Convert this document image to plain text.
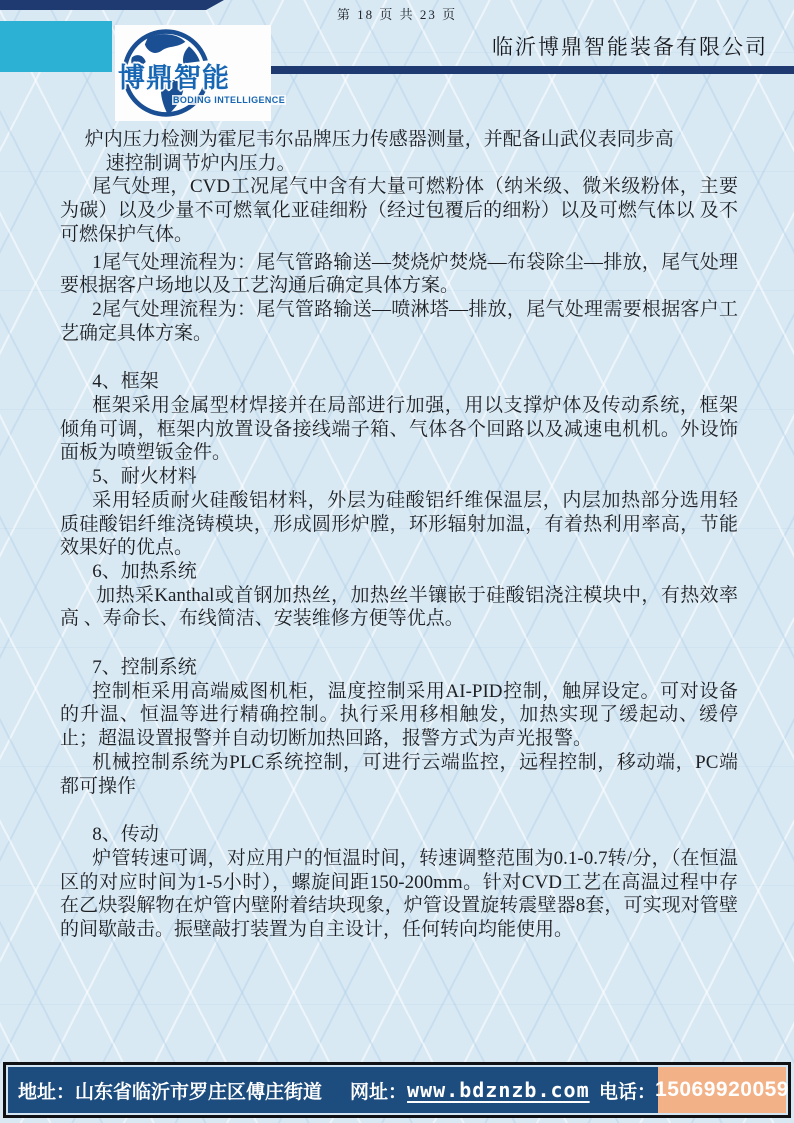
第 18 页 共 23 页
博鼎智能
BODING INTELLIGENCE
临沂博鼎智能装备有限公司
炉内压力检测为霍尼韦尔品牌压力传感器测量，并配备山武仪表同步高
速控制调节炉内压力。
尾气处理，CVD工况尾气中含有大量可燃粉体（纳米级、微米级粉体，主要为碳）以及少量不可燃氧化亚硅细粉（经过包覆后的细粉）以及可燃气体以 及不可燃保护气体。
1尾气处理流程为：尾气管路输送—焚烧炉焚烧—布袋除尘—排放，尾气处理要根据客户场地以及工艺沟通后确定具体方案。
2尾气处理流程为：尾气管路输送—喷淋塔—排放，尾气处理需要根据客户工艺确定具体方案。
4、框架
框架采用金属型材焊接并在局部进行加强，用以支撑炉体及传动系统，框架倾角可调，框架内放置设备接线端子箱、气体各个回路以及减速电机机。外设饰面板为喷塑钣金件。
5、耐火材料
采用轻质耐火硅酸铝材料，外层为硅酸铝纤维保温层，内层加热部分选用轻质硅酸铝纤维浇铸模块，形成圆形炉膛，环形辐射加温，有着热利用率高，节能效果好的优点。
6、加热系统
加热采Kanthal或首钢加热丝，加热丝半镶嵌于硅酸铝浇注模块中，有热效率高 、寿命长、布线简洁、安装维修方便等优点。
7、控制系统
控制柜采用高端威图机柜，温度控制采用AI-PID控制，触屏设定。可对设备的升温、恒温等进行精确控制。执行采用移相触发，加热实现了缓起动、缓停止；超温设置报警并自动切断加热回路，报警方式为声光报警。
机械控制系统为PLC系统控制，可进行云端监控，远程控制，移动端，PC端都可操作
8、传动
炉管转速可调，对应用户的恒温时间，转速调整范围为0.1-0.7转/分，（在恒温区的对应时间为1-5小时），螺旋间距150-200mm。针对CVD工艺在高温过程中存在乙炔裂解物在炉管内壁附着结块现象，炉管设置旋转震壁器8套，可实现对管壁的间歇敲击。振壁敲打装置为自主设计，任何转向均能使用。
地址： 山东省临沂市罗庄区傅庄街道 网址： www.bdznzb.com 电话： 15069920059
